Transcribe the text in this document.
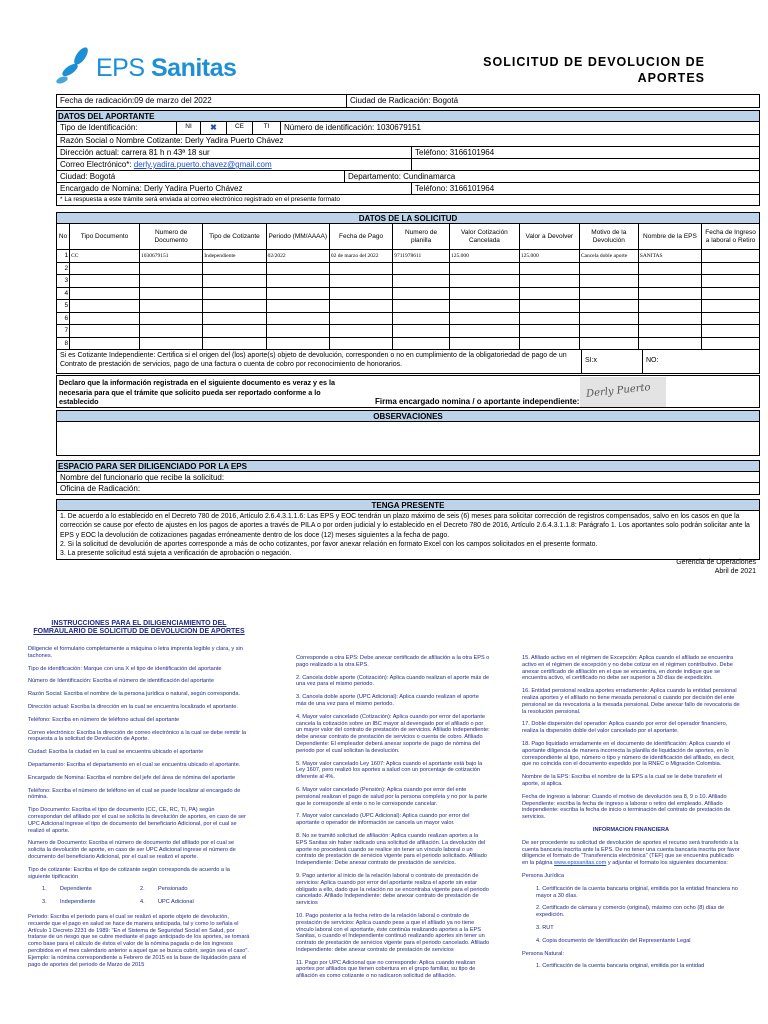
EPS Sanitas	SOLICITUD DE DEVOLUCION DE
APORTES
Fecha de radicación:09 de marzo del 2022	Ciudad de Radicación: Bogotá
DATOS DEL APORTANTE
Tipo de Identificación:	NI	✖	CE	TI	Número de identificación: 1030679151
Razón Social o Nombre Cotizante: Derly Yadira Puerto Chávez
Dirección actual: carrera 81 h n 43ª 18 sur	Teléfono: 3166101964
Correo Electrónico*: derly.yadira.puerto.chavez@gmail.com
Ciudad: Bogotá	Departamento: Cundinamarca
Encargado de Nomina: Derly Yadira Puerto Chávez	Teléfono: 3166101964
* La respuesta a este trámite será enviada al correo electrónico registrado en el presente formato
DATOS DE LA SOLICITUD
No	Tipo Documento	Numero de Documento	Tipo de Cotizante	Periodo (MM/AAAA)	Fecha de Pago	Numero de planilla	Valor Cotización Cancelada	Valor a Devolver	Motivo de la Devolución	Nombre de la EPS	Fecha de Ingreso a laboral o Retiro
1	CC	1030679151	Independiente	02/2022	02 de marzo del 2022	9711978611	125.000	125.000	Cancela doble aporte	SANITAS	
2											
3											
4											
5											
6											
7											
8											
Si es Cotizante Independiente: Certifica si el origen del (los) aporte(s) objeto de devolución, corresponden o no en cumplimiento de la obligatoriedad de pago de un Contrato de prestación de servicios, pago de una factura o cuenta de cobro por reconocimiento de honorarios.
SI:x	NO:
Declaro que la información registrada en el siguiente documento es veraz y es la necesaria para que el trámite que solicito pueda ser reportado conforme a lo establecido	Firma encargado nomina / o aportante independiente:
Derly Puerto
OBSERVACIONES
ESPACIO PARA SER DILIGENCIADO POR LA EPS
Nombre del funcionario que recibe la solicitud:
Oficina de Radicación:
TENGA PRESENTE
1. De acuerdo a lo establecido en el Decreto 780 de 2016, Artículo 2.6.4.3.1.1.6: Las EPS y EOC tendrán un plazo máximo de seis (6) meses para solicitar corrección de registros compensados, salvo en los casos en que la corrección se cause por efecto de ajustes en los pagos de aportes a través de PILA o por orden judicial y lo establecido en el Decreto 780 de 2016, Artículo 2.6.4.3.1.1.8: Parágrafo 1. Los aportantes solo podrán solicitar ante la EPS y EOC la devolución de cotizaciones pagadas erróneamente dentro de los doce (12) meses siguientes a la fecha de pago.
2. Si la solicitud de devolución de aportes corresponde a más de ocho cotizantes, por favor anexar relación en formato Excel con los campos solicitados en el presente formato.
3. La presente solicitud está sujeta a verificación de aprobación o negación.
Gerencia de Operaciones
Abril de 2021
INSTRUCCIONES PARA EL DILIGENCIAMIENTO DEL
FOMRAULARIO DE SOLICITUD DE DEVOLUCIÓN DE APORTES

Diligencie el formulario completamente a máquina o letra imprenta legible y clara, y sin tachones.

Tipo de identificación: Marque con una X el tipo de identificación del aportante

Número de Identificación: Escriba el número de identificación del aportante

Razón Social: Escriba el nombre de la persona jurídica o natural, según corresponda.

Dirección actual: Escriba la dirección en la cual se encuentra localizado el aportante.

Teléfono: Escriba en número de teléfono actual del aportante

Correo electrónico: Escriba la dirección de correo electrónico a la cual se debe remitir la respuesta a la solicitud de Devolución de Aporte.

Ciudad: Escriba la ciudad en la cual se encuentra ubicado el aportante

Departamento: Escriba el departamento en el cual se encuentra ubicado el aportante.

Encargado de Nomina: Escriba el nombre del jefe del área de nómina del aportante

Teléfono: Escriba el número de teléfono en el cual se puede localizar al encargado de nómina.

Tipo Documento: Escriba el tipo de documento (CC, CE, RC, TI, PA) según correspondan del afiliado por el cual se solicita la devolución de aportes, en caso de ser UPC Adicional ingrese el tipo de documento del beneficiario Adicional, por el cual se realizó el aporte.

Numero de Documento: Escriba el número de documento del afiliado por el cual se solicita la devolución de aporte, en caso de ser UPC Adicional ingrese el número de documento del beneficiario Adicional, por el cual se realizó el aporte.

Tipo de cotizante: Escriba el tipo de cotizante según corresponda de acuerdo a la siguiente tipificación

1.	Dependiente	2.	Pensionado
3.	Independiente	4.	UPC Adicional

Periodo: Escriba el periodo para el cual se realizó el aporte objeto de devolución, recuerde que el pago en salud se hace de manera anticipada, tal y como lo señala el Artículo 1 Decreto 2231 de 1989: "En el Sistema de Seguridad Social en Salud, por tratarse de un riesgo que se cubre mediante el pago anticipado de los aportes, se tomará como base para el cálculo de éstos el valor de la nómina pagada o de los ingresos percibidos en el mes calendario anterior a aquel que se busca cubrir, según sea el caso". Ejemplo: la nómina correspondiente a Febrero de 2015 es la base de liquidación para el pago de aportes del periodo de Marzo de 2015

Corresponde a otra EPS: Debe anexar certificado de afiliación a la otra EPS o pago realizado a la otra EPS.

2. Cancela doble aporte (Cotización): Aplica cuando realizan el aporte más de una vez para el mismo periodo.

3. Cancela doble aporte (UPC Adicional): Aplica cuando realizan el aporte más de una vez para el mismo periodo.

4. Mayor valor cancelado (Cotización): Aplica cuando por error del aportante cancela la cotización sobre un IBC mayor al devengado por el afiliado o por un mayor valor del contrato de prestación de servicios. Afiliado Independiente: debe anexar contrato de prestación de servicios o cuenta de cobro. Afiliado Dependiente: El empleador deberá anexar soporte de pago de nómina del periodo por el cual solicitan la devolución.

5. Mayor valor cancelado Ley 1607: Aplica cuando el aportante está bajo la Ley 1607, pero realizó los aportes a salud con un porcentaje de cotización diferente al 4%.

6. Mayor valor cancelado (Pensión): Aplica cuando por error del ente pensional realizan el pago de salud por la persona completa y no por la parte que le corresponde al ente o no le corresponde cancelar.

7. Mayor valor cancelado (UPC Adicional): Aplica cuando por error del aportante o operador de información se cancela un mayor valor.

8. No se tramitó solicitud de afiliación: Aplica cuando realizan aportes a la EPS Sanitas sin haber radicado una solicitud de afiliación. La devolución del aporte no procederá cuando se realice sin tener un vínculo laboral o un contrato de prestación de servicios vigente para el periodo solicitado. Afiliado Independiente: Debe anexar contrato de prestación de servicios.

9. Pago anterior al inicio de la relación laboral o contrato de prestación de servicios: Aplica cuando por error del aportante realiza el aporte sin estar obligado a ello, dado que la relación no se encontraba vigente para el periodo cancelado. Afiliado Independiente: debe anexar contrato de prestación de servicios

10. Pago posterior a la fecha retiro de la relación laboral o contrato de prestación de servicios: Aplica cuando pese a que el afiliado ya no tiene vínculo laboral con el aportante, éste continúa realizando aportes a la EPS Sanitas, o cuando el Independiente continuó realizando aportes sin tener un contrato de prestación de servicios vigente para el periodo cancelado. Afiliado Independiente: debe anexar contrato de prestación de servicios

11. Pago por UPC Adicional que no corresponde: Aplica cuando realizan aportes por afiliados que tienen cobertura en el grupo familiar, su tipo de afiliación es como cotizante o no radicaron solicitud de afiliación.

15. Afiliado activo en el régimen de Excepción: Aplica cuando el afiliado se encuentra activo en el régimen de excepción y no debe cotizar en el régimen contributivo. Debe anexar certificado de afiliación en el que se encuentra, en donde indique que se encuentra activo, el certificado no debe ser superior a 30 días de expedición.

16. Entidad pensional realiza aportes erradamente: Aplica cuando la entidad pensional realiza aportes y el afiliado no tiene mesada pensional o cuando por decisión del ente pensional se da revocatoria a la mesada pensional. Debe anexar fallo de revocatoria de la resolución pensional.

17. Doble dispersión del operador: Aplica cuando por error del operador financiero, realiza la dispersión doble del valor cancelado por el aportante.

18. Pago liquidado erradamente en el documento de identificación: Aplica cuando el aportante diligencia de manera incorrecta la planilla de liquidación de aportes, en lo correspondiente al tipo, número o tipo y número de identificación del afiliado, es decir, que no coincida con el documento expedido por la RNEC o Migración Colombia.

Nombre de la EPS: Escriba el nombre de la EPS a la cual se le debe transferir el aporte, si aplica.

Fecha de ingreso a laborar: Cuando el motivo de devolución sea 8, 9 o 10. Afiliado Dependiente: escriba la fecha de ingreso a laborar o retiro del empleado. Afiliado independiente: escriba la fecha de inicio o terminación del contrato de prestación de servicios.

INFORMACION FINANCIERA

De ser procedente su solicitud de devolución de aportes el recurso será transferido a la cuenta bancaria inscrita ante la EPS. De no tener una cuenta bancaria inscrita por favor diligencie el formato de "Transferencia electrónica" (TEF) que se encuentra publicado en la página www.epssanitas.com y adjuntar el formato los siguientes documentos:

Persona Jurídica

1. Certificación de la cuenta bancaria original, emitida por la entidad financiera no mayor a 30 días.

2. Certificado de cámara y comercio (original), máximo con ocho (8) días de expedición.

3. RUT

4. Copia documento de Identificación del Representante Legal

Persona Natural:

1. Certificación de la cuenta bancaria original, emitida por la entidad
